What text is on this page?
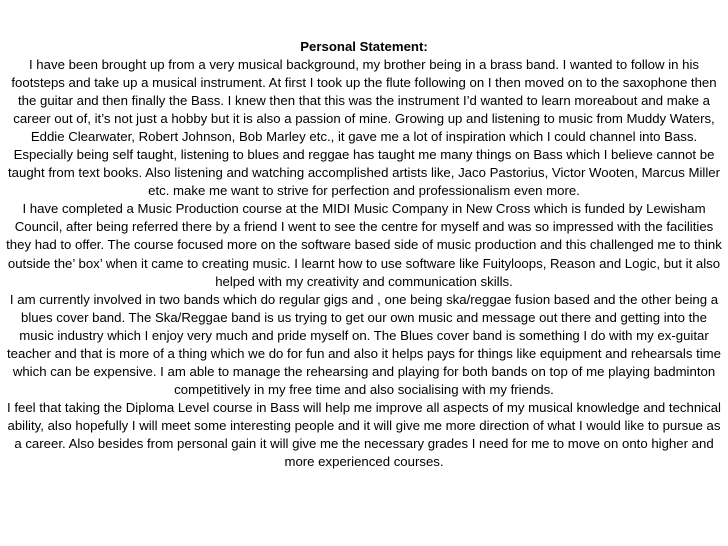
Personal Statement:

I have been brought up from a very musical background, my brother being in a brass band. I wanted to follow in his footsteps and take up a musical instrument. At first I took up the flute following on I then moved on to the saxophone then the guitar and then finally the Bass. I knew then that this was the instrument I’d wanted to learn moreabout and make a career out of, it’s not just a hobby but it is also a passion of mine. Growing up and listening to music from Muddy Waters, Eddie Clearwater, Robert Johnson, Bob Marley etc., it gave me a lot of inspiration which I could channel into Bass. Especially being self taught, listening to blues and reggae has taught me many things on Bass which I believe cannot be taught from text books. Also listening and watching accomplished artists like, Jaco Pastorius, Victor Wooten, Marcus Miller etc. make me want to strive for perfection and professionalism even more.

I have completed a Music Production course at the MIDI Music Company in New Cross which is funded by Lewisham Council, after being referred there by a friend I went to see the centre for myself and was so impressed with the facilities they had to offer. The course focused more on the software based side of music production and this challenged me to think outside the’ box’ when it came to creating music. I learnt how to use software like Fuityloops, Reason and Logic, but it also helped with my creativity and communication skills.

I am currently involved in two bands which do regular gigs and , one being ska/reggae fusion based and the other being a blues cover band. The Ska/Reggae band is us trying to get our own music and message out there and getting into the music industry which I enjoy very much and pride myself on. The Blues cover band is something I do with my ex-guitar teacher and that is more of a thing which we do for fun and also it helps pays for things like equipment and rehearsals time which can be expensive. I am able to manage the rehearsing and playing for both bands on top of me playing badminton competitively in my free time and also socialising with my friends.

I feel that taking the Diploma Level course in Bass will help me improve all aspects of my musical knowledge and technical ability, also hopefully I will meet some interesting people and it will give me more direction of what I would like to pursue as a career. Also besides from personal gain it will give me the necessary grades I need for me to move on onto higher and more experienced courses.
